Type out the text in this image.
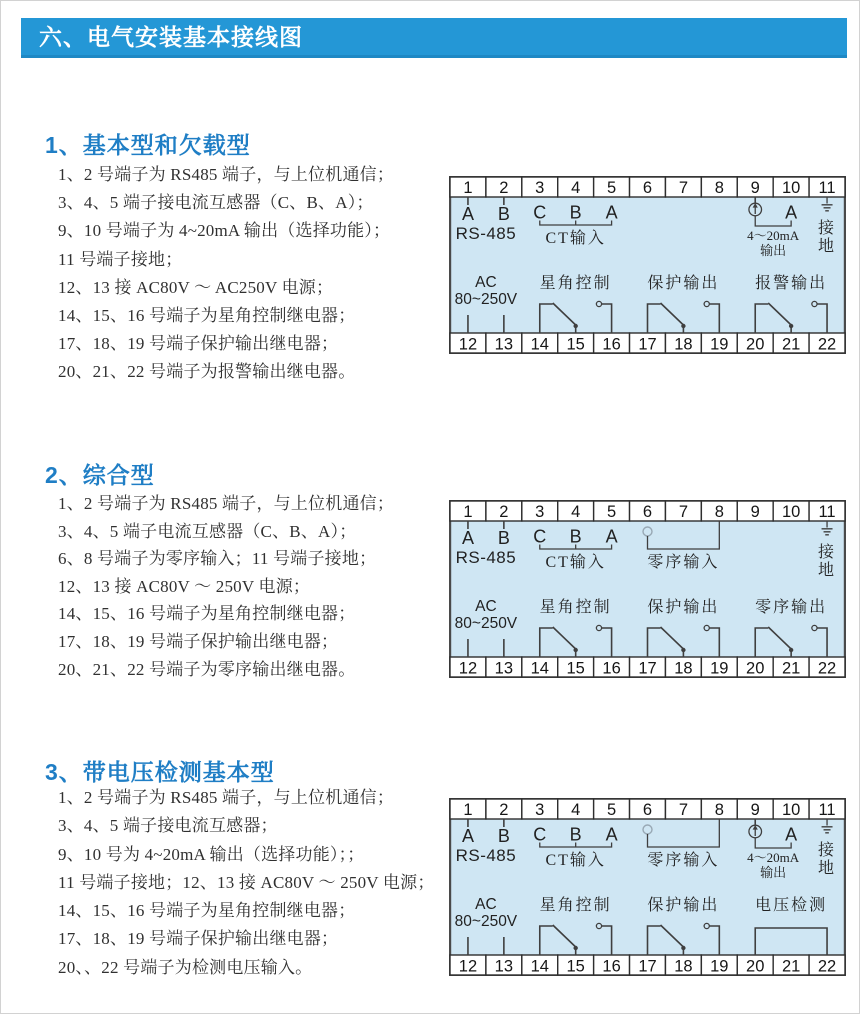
六、电气安装基本接线图
1、基本型和欠载型

1、2 号端子为 RS485 端子，与上位机通信；

3、4、5 端子接电流互感器（C、B、A）；

9、10 号端子为 4~20mA 输出（选择功能）；

11 号端子接地；

12、13 接 AC80V ～ AC250V 电源；

14、15、16 号端子为星角控制继电器；

17、18、19 号端子保护输出继电器；

20、21、22 号端子为报警输出继电器。

1
12
2
13
3
14
4
15
5
16
6
17
7
18
8
19
9
20
10
21
11
22
A B
RS-485
C B A
CT输入
A
4～20mA
输出
接
地
AC
80~250V
星角控制 保护输出 报警输出
2、综合型

1、2 号端子为 RS485 端子，与上位机通信；

3、4、5 端子电流互感器（C、B、A）；

6、8 号端子为零序输入；11 号端子接地；

12、13 接 AC80V ～ 250V 电源；

14、15、16 号端子为星角控制继电器；

17、18、19 号端子保护输出继电器；

20、21、22 号端子为零序输出继电器。

1
12
2
13
3
14
4
15
5
16
6
17
7
18
8
19
9
20
10
21
11
22
A B
RS-485
C B A
CT输入	零序输入
接
地
AC
80~250V
星角控制 保护输出 零序输出
3、带电压检测基本型

1、2 号端子为 RS485 端子，与上位机通信；

3、4、5 端子接电流互感器；

9、10 号为 4~20mA 输出（选择功能）；；

11 号端子接地；12、13 接 AC80V ～ 250V 电源；

14、15、16 号端子为星角控制继电器；

17、18、19 号端子保护输出继电器；

20、、22 号端子为检测电压输入。

1
12
2
13
3
14
4
15
5
16
6
17
7
18
8
19
9
20
10
21
11
22
A B
RS-485
C B A
CT输入	零序输入
A
4～20mA
输出
接
地
AC
80~250V
星角控制 保护输出 电压检测
